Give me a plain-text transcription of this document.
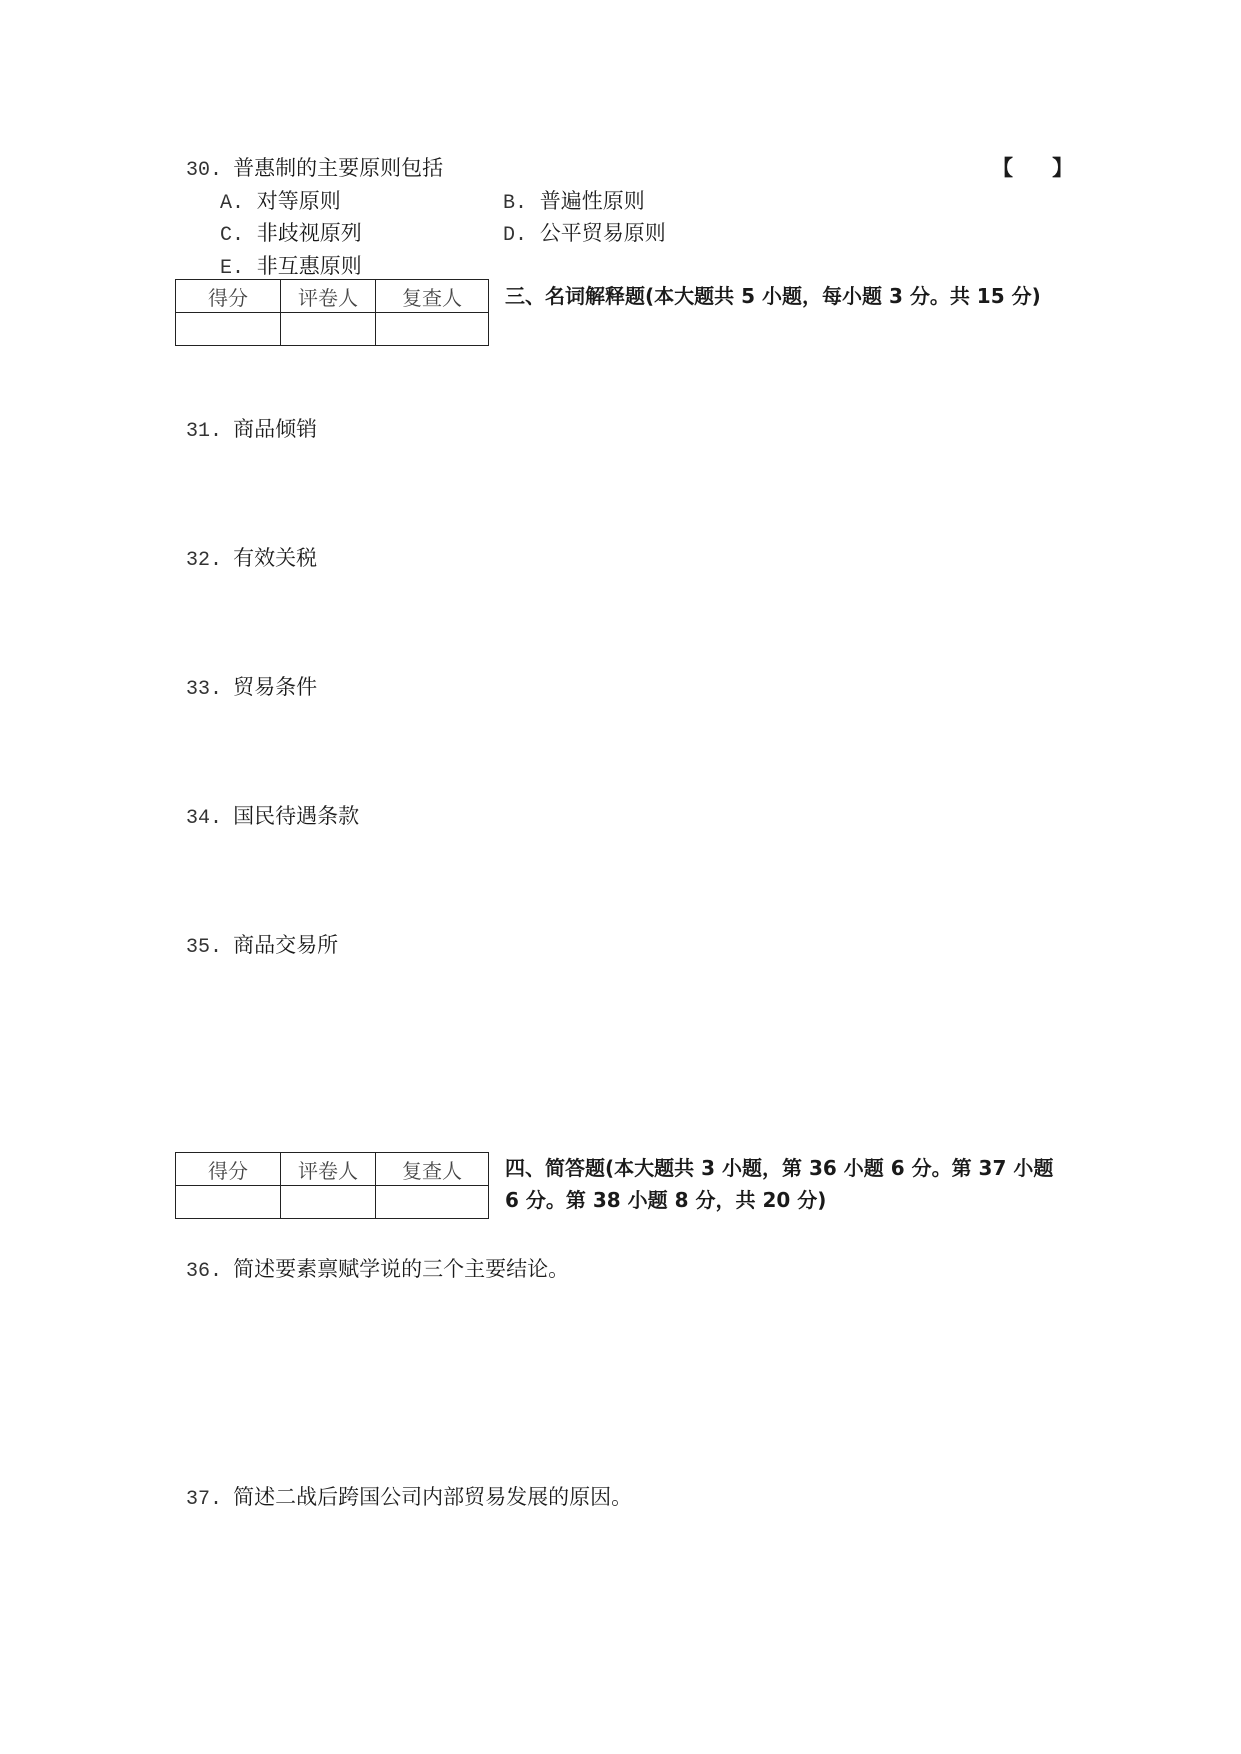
30. 普惠制的主要原则包括	【 】
A. 对等原则	B. 普遍性原则
C. 非歧视原列	D. 公平贸易原则
E. 非互惠原则
得分	评卷人	复查人
		三、名词解释题(本大题共 5 小题，每小题 3 分。共 15 分)
31. 商品倾销
32. 有效关税
33. 贸易条件
34. 国民待遇条款
35. 商品交易所
得分	评卷人	复查人
		四、简答题(本大题共 3 小题，第 36 小题 6 分。第 37 小题 6 分。第 38 小题 8 分，共 20 分)
36. 简述要素禀赋学说的三个主要结论。
37. 简述二战后跨国公司内部贸易发展的原因。
